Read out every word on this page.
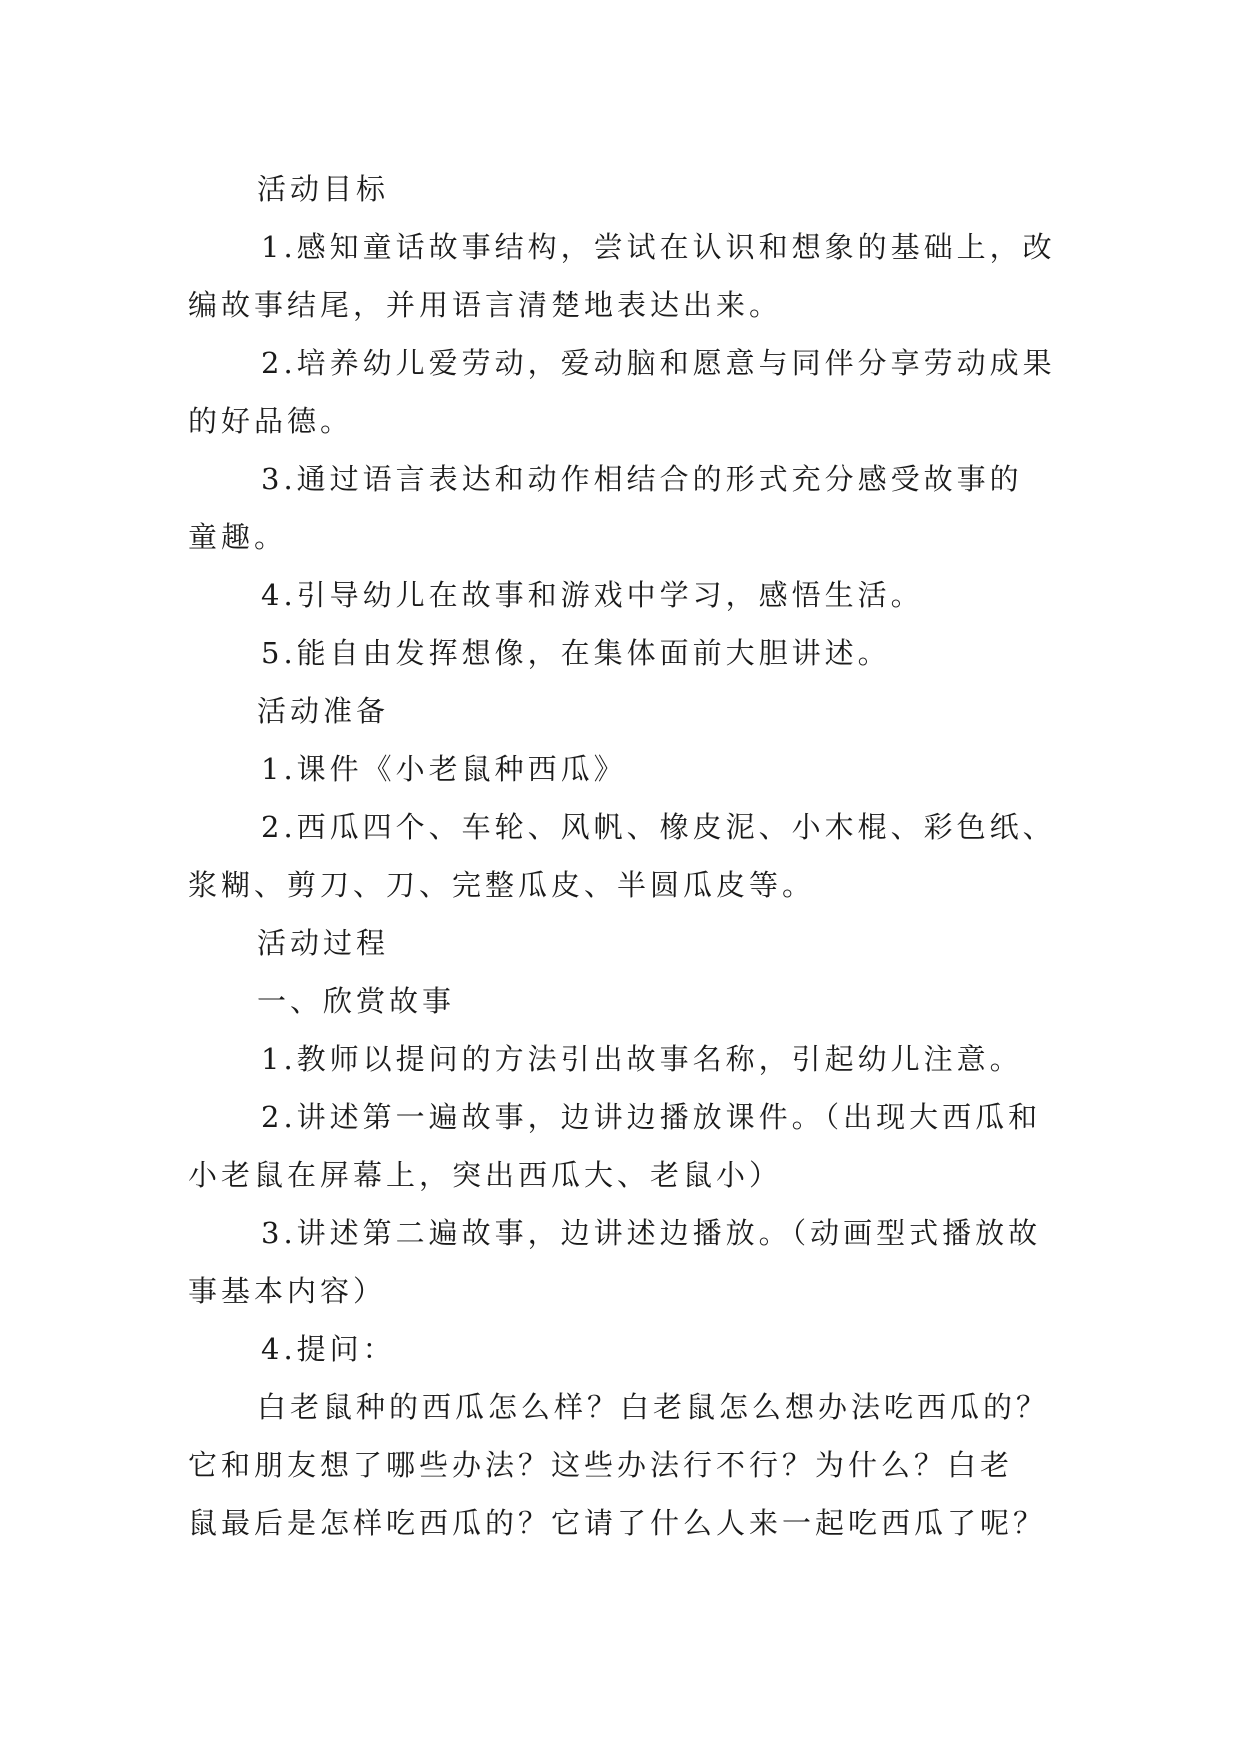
活动目标
1.感知童话故事结构，尝试在认识和想象的基础上，改
编故事结尾，并用语言清楚地表达出来。
2.培养幼儿爱劳动，爱动脑和愿意与同伴分享劳动成果
的好品德。
3.通过语言表达和动作相结合的形式充分感受故事的
童趣。
4.引导幼儿在故事和游戏中学习，感悟生活。
5.能自由发挥想像，在集体面前大胆讲述。
活动准备
1.课件《小老鼠种西瓜》
2.西瓜四个、车轮、风帆、橡皮泥、小木棍、彩色纸、
浆糊、剪刀、刀、完整瓜皮、半圆瓜皮等。
活动过程
一、欣赏故事
1.教师以提问的方法引出故事名称，引起幼儿注意。
2.讲述第一遍故事，边讲边播放课件。（出现大西瓜和
小老鼠在屏幕上，突出西瓜大、老鼠小）
3.讲述第二遍故事，边讲述边播放。（动画型式播放故
事基本内容）
4.提问：
白老鼠种的西瓜怎么样？白老鼠怎么想办法吃西瓜的？
它和朋友想了哪些办法？这些办法行不行？为什么？白老
鼠最后是怎样吃西瓜的？它请了什么人来一起吃西瓜了呢？
